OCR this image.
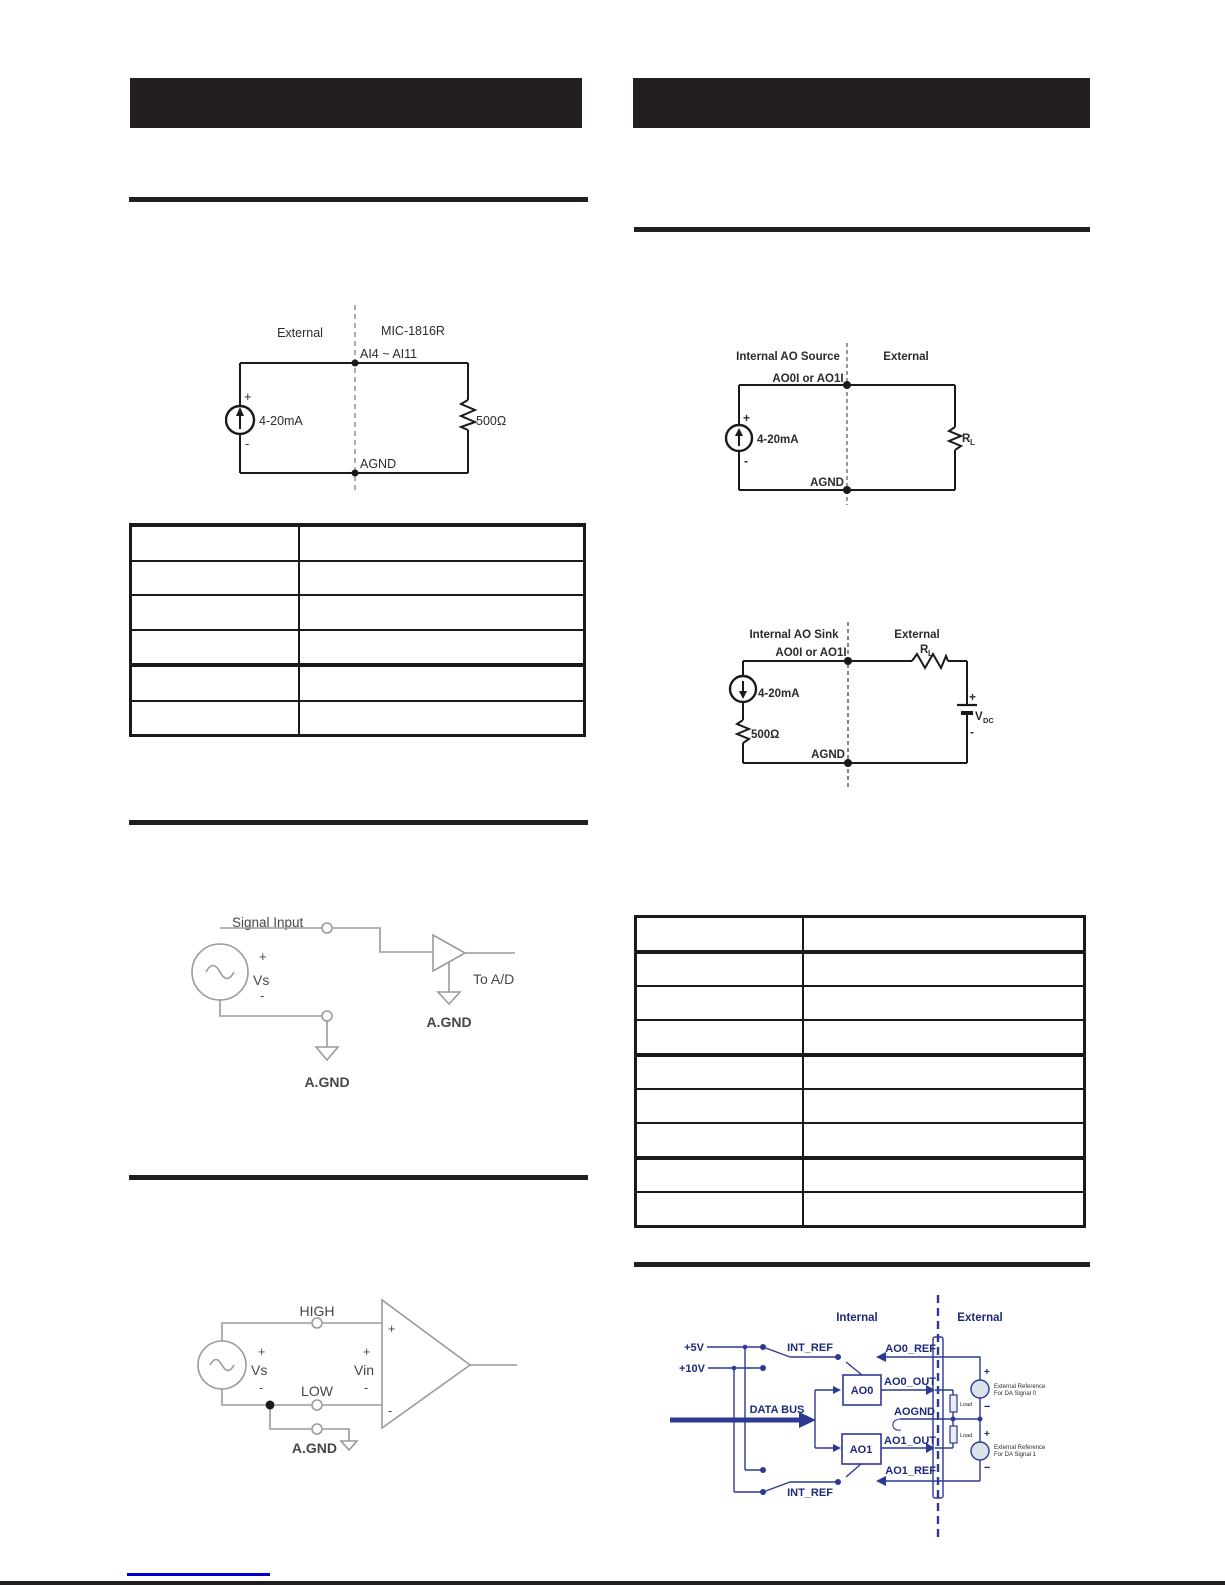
External	MIC-1816R
AI4 ~ AI11
+
-
4-20mA	500Ω
AGND
Signal Input
+
Vs
-
A.GND
A.GND
To A/D
HIGH
LOW
+
Vs
-
+
Vin
-
+
-
A.GND
Internal AO Source	External
AO0I or AO1I
+
-
4-20mA	R L
AGND
Internal AO Sink	External
AO0I or AO1I	R L
4-20mA
500Ω
+
V DC
-
AGND
Internal	External
+5V
+10V
INT_REF
INT_REF
DATA BUS
AO0
AO1
AO0_REF
AO0_OUT
AOGND
AO1_OUT
AO1_REF
Load
Load
+
−
+
−
External Reference
For DA Signal 0
External Reference
For DA Signal 1
